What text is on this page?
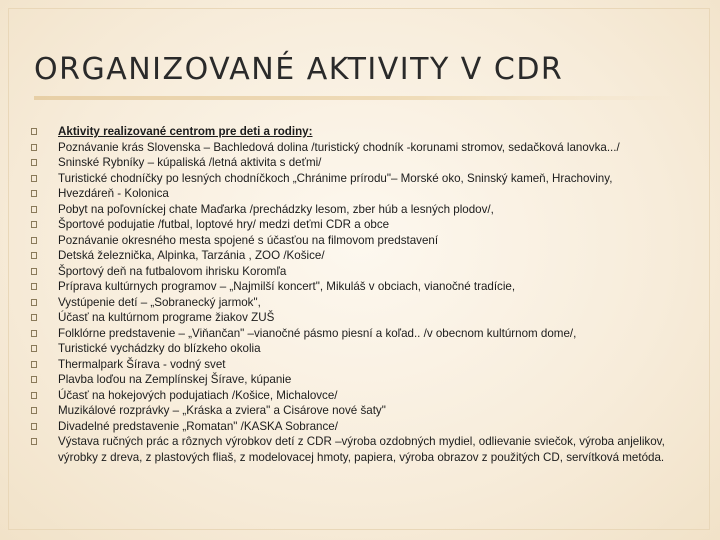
ORGANIZOVANÉ AKTIVITY V CDR
Aktivity realizované centrom pre deti a rodiny:
Poznávanie krás Slovenska – Bachledová dolina /turistický chodník -korunami stromov, sedačková lanovka.../
Sninské Rybníky – kúpaliská /letná aktivita s deťmi/
Turistické chodníčky po lesných chodníčkoch „Chránime prírodu"– Morské oko, Sninský kameň, Hrachoviny,
Hvezdáreň - Kolonica
Pobyt na poľovníckej chate Maďarka /prechádzky lesom, zber húb a lesných plodov/,
Športové podujatie /futbal, loptové hry/ medzi deťmi CDR a obce
Poznávanie okresného mesta spojené s účasťou na filmovom predstavení
Detská železnička, Alpinka, Tarzánia , ZOO /Košice/
Športový deň na futbalovom ihrisku Koromľa
Príprava kultúrnych programov – „Najmilší koncert", Mikuláš v obciach, vianočné tradície,
Vystúpenie detí – „Sobranecký jarmok",
Účasť na kultúrnom programe žiakov ZUŠ
Folklórne predstavenie – „Viňančan" –vianočné pásmo piesní a koľad.. /v obecnom kultúrnom dome/,
Turistické vychádzky do blízkeho okolia
Thermalpark Šírava - vodný svet
Plavba loďou na Zemplínskej Šírave, kúpanie
Účasť na hokejových podujatiach /Košice, Michalovce/
Muzikálové rozprávky – „Kráska a zviera" a Cisárove nové šaty"
Divadelné predstavenie „Romatan" /KASKA Sobrance/
Výstava ručných prác a rôznych výrobkov detí z CDR –výroba ozdobných mydiel, odlievanie sviečok, výroba anjelikov, výrobky z dreva, z plastových fliaš, z modelovacej hmoty, papiera, výroba obrazov z použitých CD, servítková metóda.
